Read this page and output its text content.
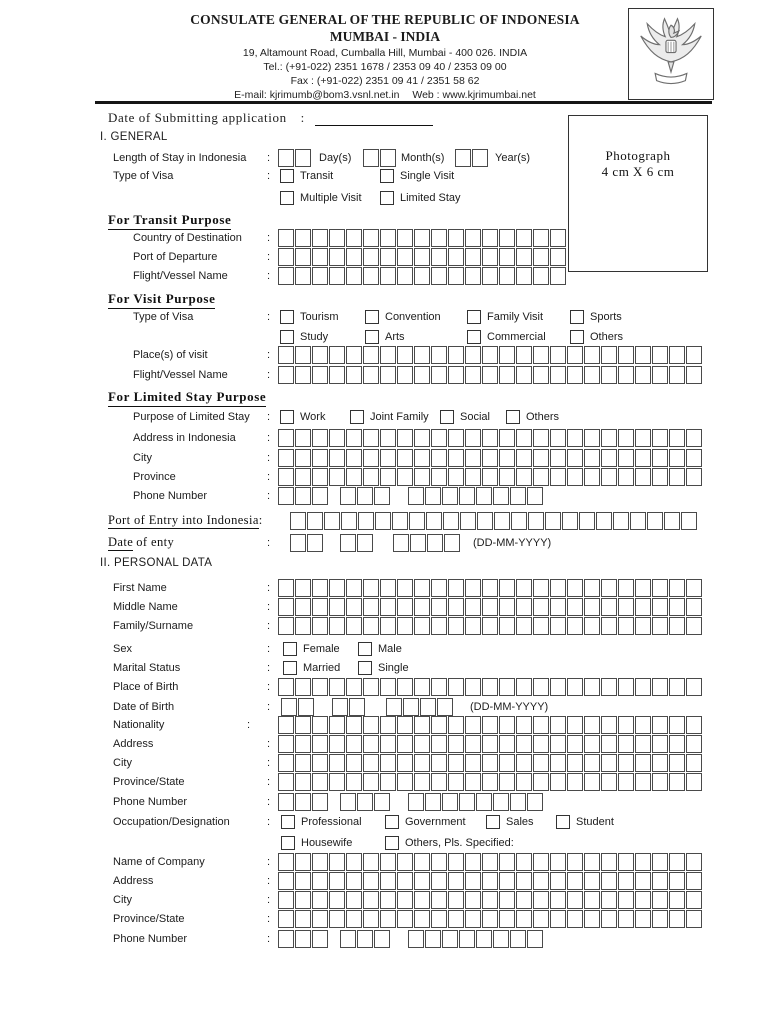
CONSULATE GENERAL OF THE REPUBLIC OF INDONESIA
MUMBAI - INDIA
19, Altamount Road, Cumballa Hill, Mumbai - 400 026. INDIA
Tel.: (+91-022) 2351 1678 / 2353 09 40 / 2353 09 00
Fax : (+91-022) 2351 09 41 / 2351 58 62
E-mail: kjrimumb@bom3.vsnl.net.in Web : www.kjrimumbai.net
Date of Submitting application :
Photograph
4 cm X 6 cm
I. GENERAL
Length of Stay in Indonesia :	Day(s)	Month(s)	Year(s)
Type of Visa	:	Transit	Single Visit
Multiple Visit	Limited Stay
For Transit Purpose
Country of Destination :
Port of Departure	:
Flight/Vessel Name	:
For Visit Purpose
Type of Visa	:	Tourism	Convention	Family Visit	Sports
Study	Arts	Commercial	Others
Place(s) of visit	:
Flight/Vessel Name	:
For Limited Stay Purpose
Purpose of Limited Stay :	Work	Joint Family	Social	Others
Address in Indonesia	:
City	:
Province	:
Phone Number	:
Port of Entry into Indonesia:
Date of enty	:	(DD-MM-YYYY)
II. PERSONAL DATA
First Name	:
Middle Name	:
Family/Surname	:
Sex	:	Female	Male
Marital Status	:	Married	Single
Place of Birth	:
Date of Birth	:	(DD-MM-YYYY)
Nationality	:
Address	:
City	:
Province/State	:
Phone Number	:
Occupation/Designation	:	Professional	Government	Sales	Student
Housewife	Others, Pls. Specified:
Name of Company	:
Address	:
City	:
Province/State	:
Phone Number	:
